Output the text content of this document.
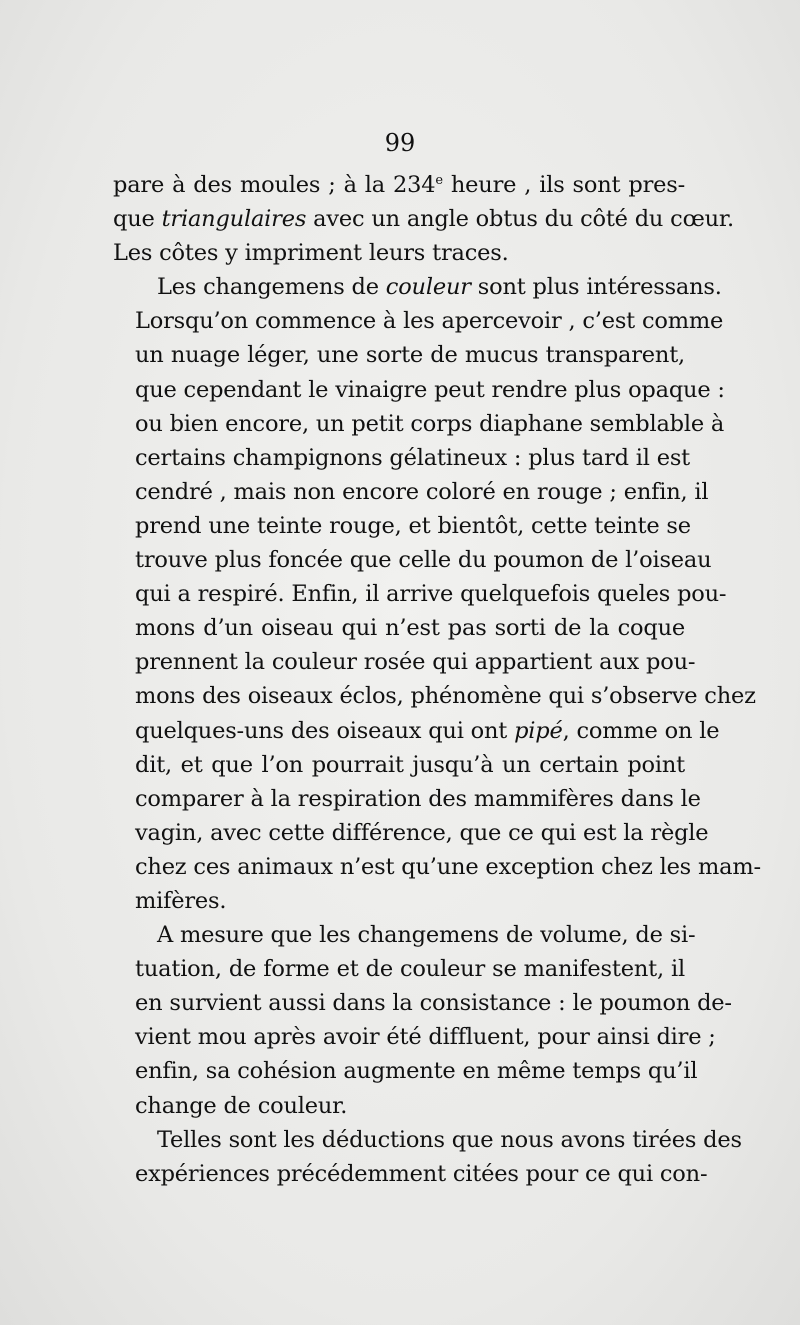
99
pare à des moules ; à la 234e heure , ils sont pres-
que triangulaires avec un angle obtus du côté du cœur.
Les côtes y impriment leurs traces.
Les changemens de couleur sont plus intéressans.
Lorsqu’on commence à les apercevoir , c’est comme
un nuage léger, une sorte de mucus transparent,
que cependant le vinaigre peut rendre plus opaque :
ou bien encore, un petit corps diaphane semblable à
certains champignons gélatineux : plus tard il est
cendré , mais non encore coloré en rouge ; enfin, il
prend une teinte rouge, et bientôt, cette teinte se
trouve plus foncée que celle du poumon de l’oiseau
qui a respiré. Enfin, il arrive quelquefois queles pou-
mons d’un oiseau qui n’est pas sorti de la coque
prennent la couleur rosée qui appartient aux pou-
mons des oiseaux éclos, phénomène qui s’observe chez
quelques-uns des oiseaux qui ont pipé, comme on le
dit, et que l’on pourrait jusqu’à un certain point
comparer à la respiration des mammifères dans le
vagin, avec cette différence, que ce qui est la règle
chez ces animaux n’est qu’une exception chez les mam-
mifères.
A mesure que les changemens de volume, de si-
tuation, de forme et de couleur se manifestent, il
en survient aussi dans la consistance : le poumon de-
vient mou après avoir été diffluent, pour ainsi dire ;
enfin, sa cohésion augmente en même temps qu’il
change de couleur.
Telles sont les déductions que nous avons tirées des
expériences précédemment citées pour ce qui con-
